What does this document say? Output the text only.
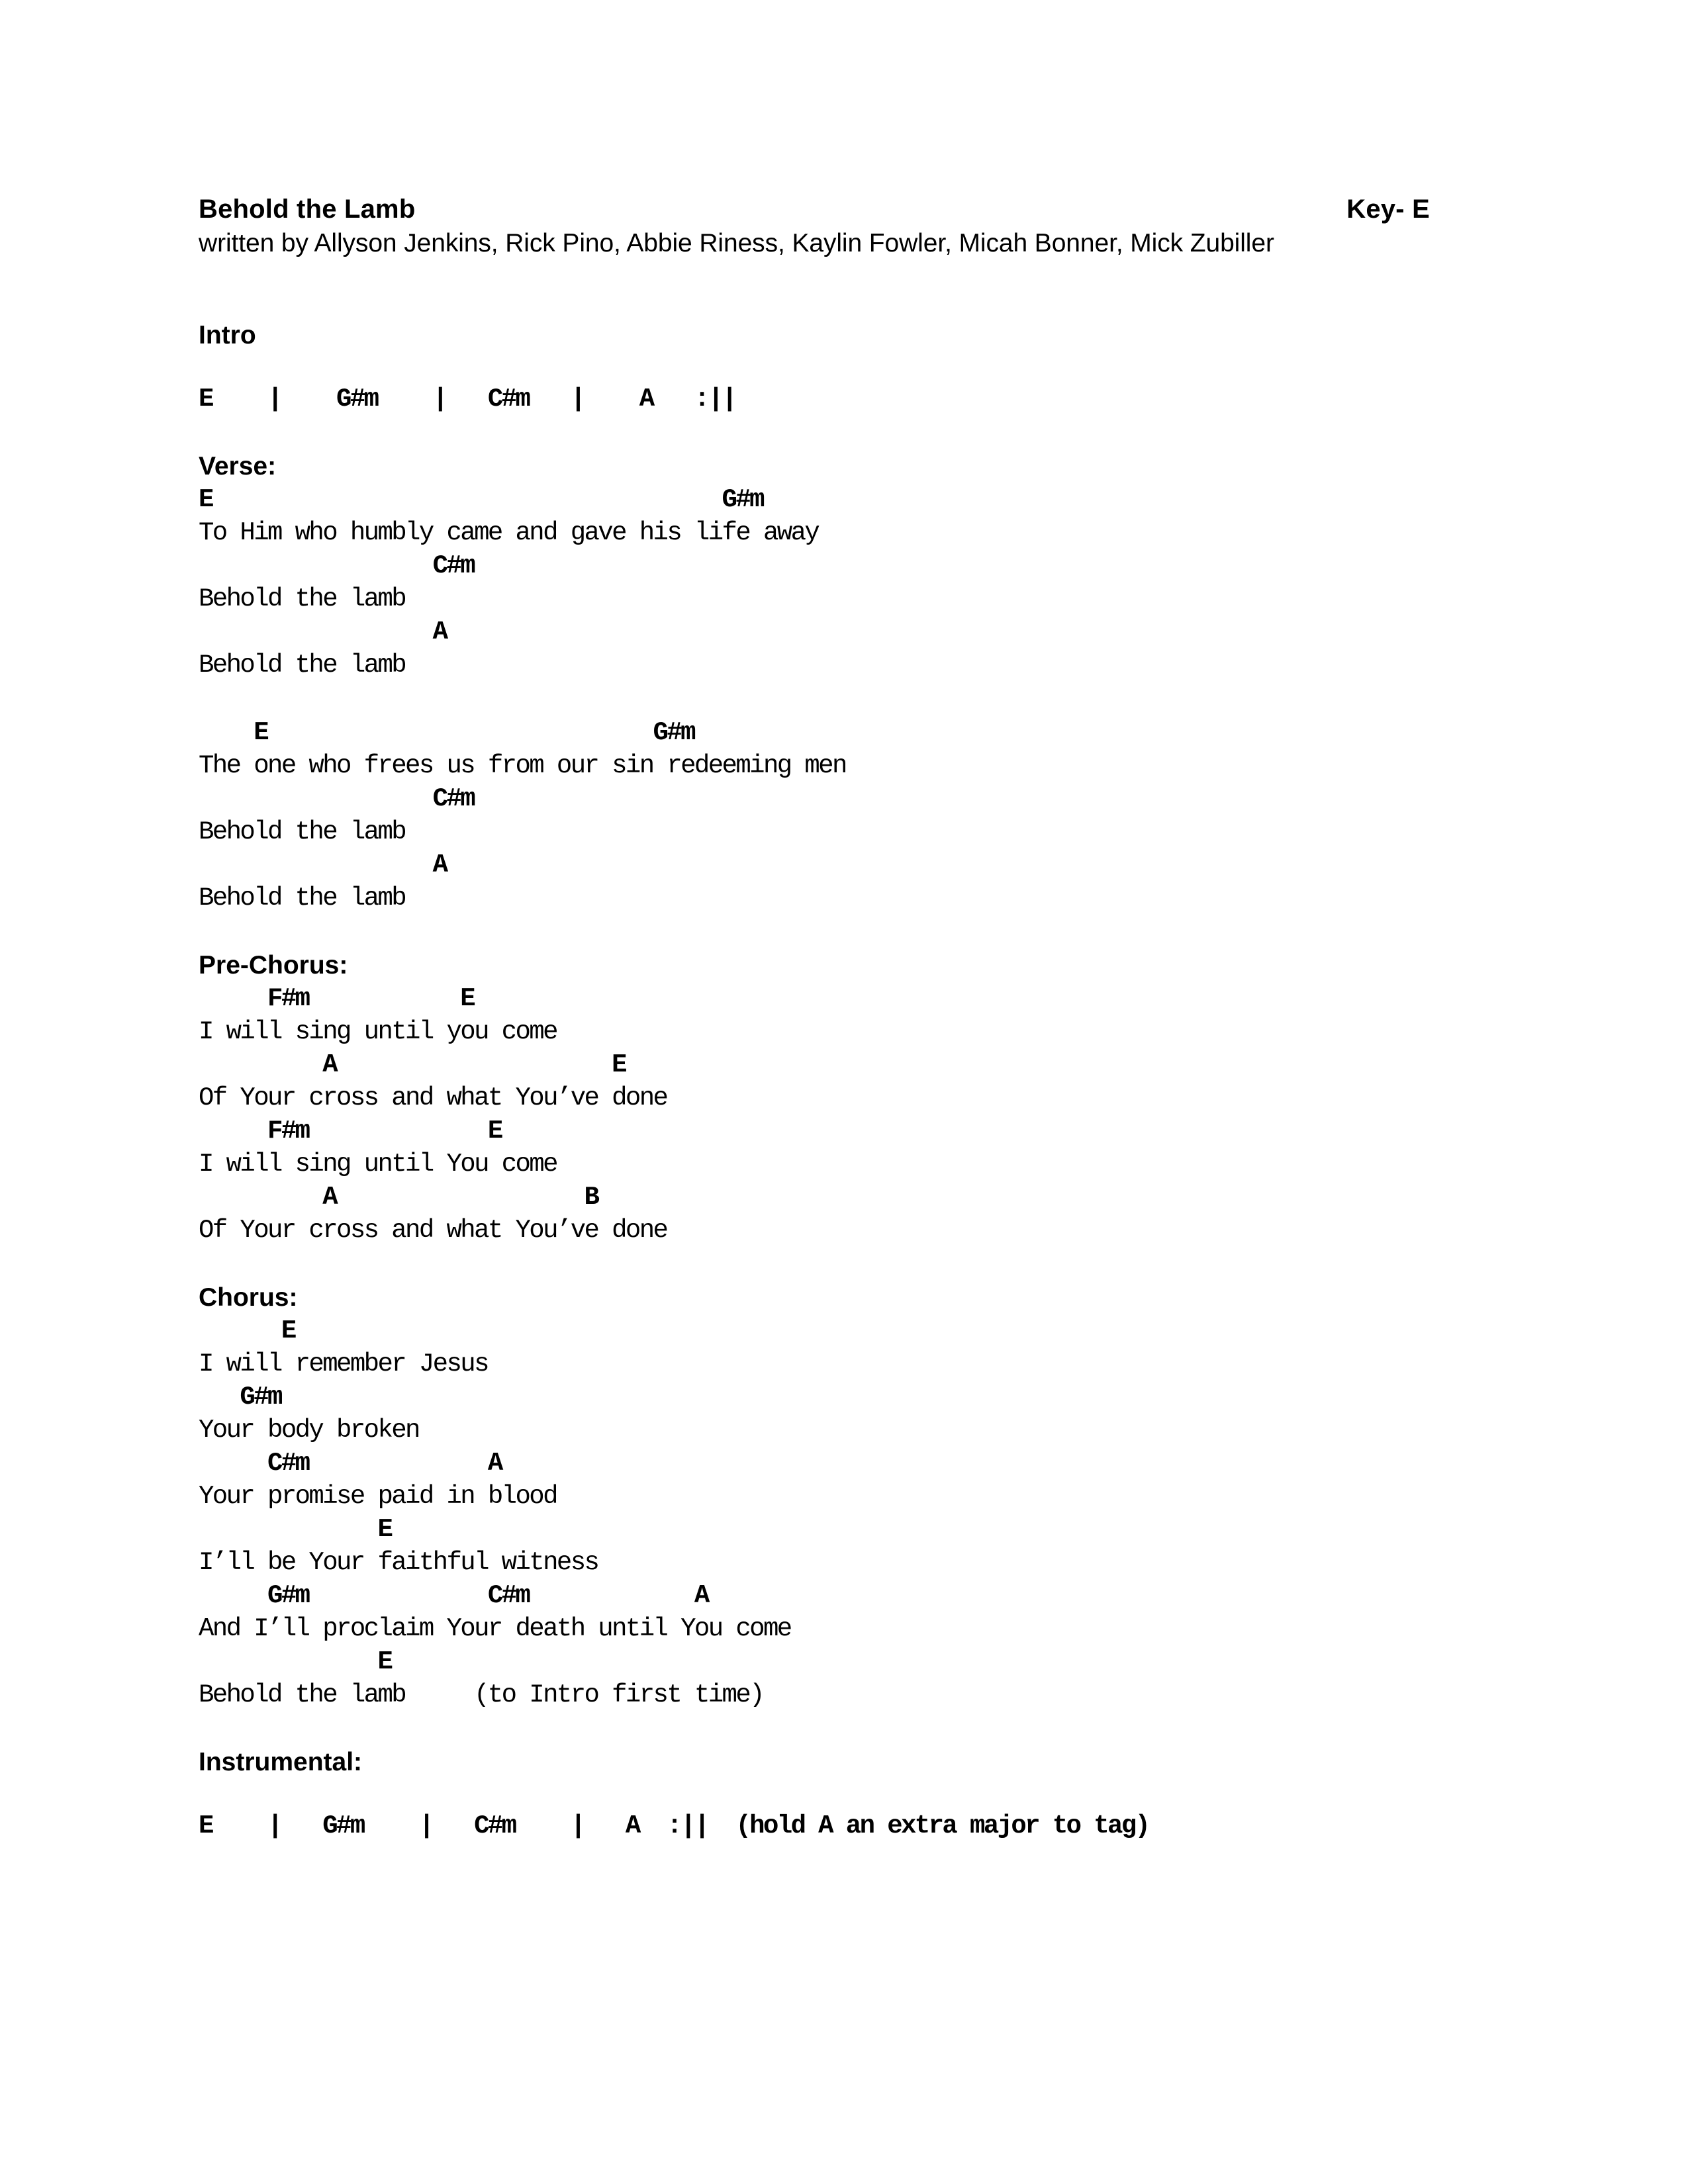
Behold the Lamb	Key- E
written by Allyson Jenkins, Rick Pino, Abbie Riness, Kaylin Fowler, Micah Bonner, Mick Zubiller
Intro
E    |    G#m    |   C#m   |    A   :||
Verse:
E                                     G#m
To Him who humbly came and gave his life away
C#m
Behold the lamb
A
Behold the lamb
E                            G#m
The one who frees us from our sin redeeming men
C#m
Behold the lamb
A
Behold the lamb
Pre-Chorus:
F#m           E
I will sing until you come
A                    E
Of Your cross and what You’ve done
F#m             E
I will sing until You come
A                  B
Of Your cross and what You’ve done
Chorus:
E
I will remember Jesus
G#m
Your body broken
C#m             A
Your promise paid in blood
E
I’ll be Your faithful witness
G#m             C#m            A
And I’ll proclaim Your death until You come
E
Behold the lamb     (to Intro first time)
Instrumental:
E    |   G#m    |   C#m    |   A  :||  (hold A an extra major to tag)
